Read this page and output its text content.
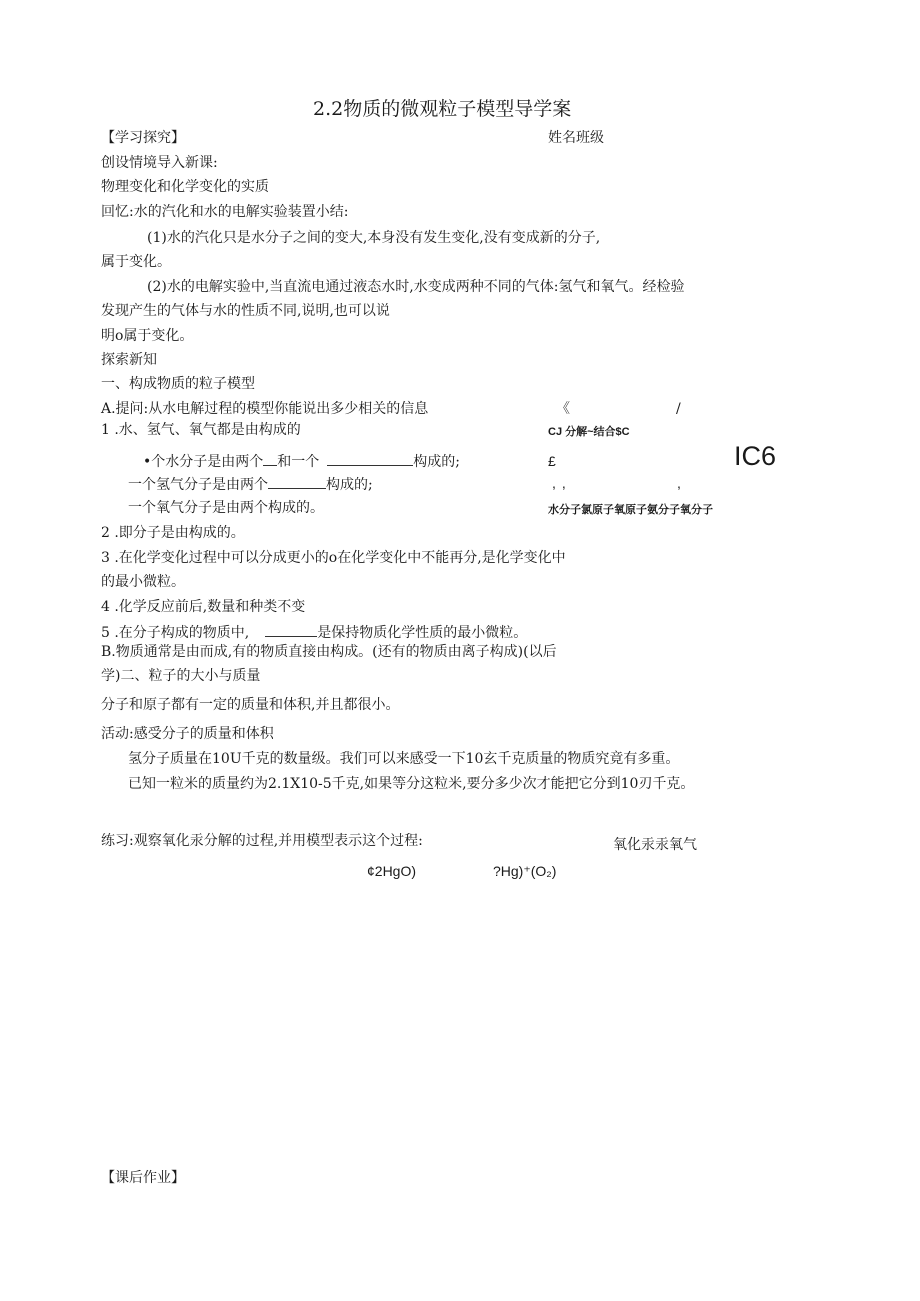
2.2物质的微观粒子模型导学案
【学习探究】	姓名班级
创设情境导入新课:
物理变化和化学变化的实质
回忆:水的汽化和水的电解实验装置小结:
(1)水的汽化只是水分子之间的变大,本身没有发生变化,没有变成新的分子,
属于变化。
(2)水的电解实验中,当直流电通过液态水时,水变成两种不同的气体:氢气和氧气。经检验
发现产生的气体与水的性质不同,说明,也可以说
明o属于变化。
探索新知
一、构成物质的粒子模型
A.提问:从水电解过程的模型你能说出多少相关的信息
1 .水、氢气、氧气都是由构成的
•个水分子是由两个 和一个	构成的;
一个氢气分子是由两个	构成的;
一个氧气分子是由两个构成的。
2 .即分子是由构成的。
3 .在化学变化过程中可以分成更小的o在化学变化中不能再分,是化学变化中
的最小微粒。
4 .化学反应前后,数量和种类不变
5 .在分子构成的物质中,	是保持物质化学性质的最小微粒。
B.物质通常是由而成,有的物质直接由构成。(还有的物质由离子构成)(以后
学)二、粒子的大小与质量
分子和原子都有一定的质量和体积,并且都很小。
活动:感受分子的质量和体积
氢分子质量在10U千克的数量级。我们可以来感受一下10玄千克质量的物质究竟有多重。
已知一粒米的质量约为2.1X10-5千克,如果等分这粒米,要分多少次才能把它分到10刃千克。
《	/
CJ 分解~结合$C
£	IC6
,,	,
水分子氯原子氧原子氨分子氧分子
练习:观察氧化汞分解的过程,并用模型表示这个过程:	氧化汞汞氧气
¢2HgO)	?Hg)⁺(O₂)
【课后作业】
